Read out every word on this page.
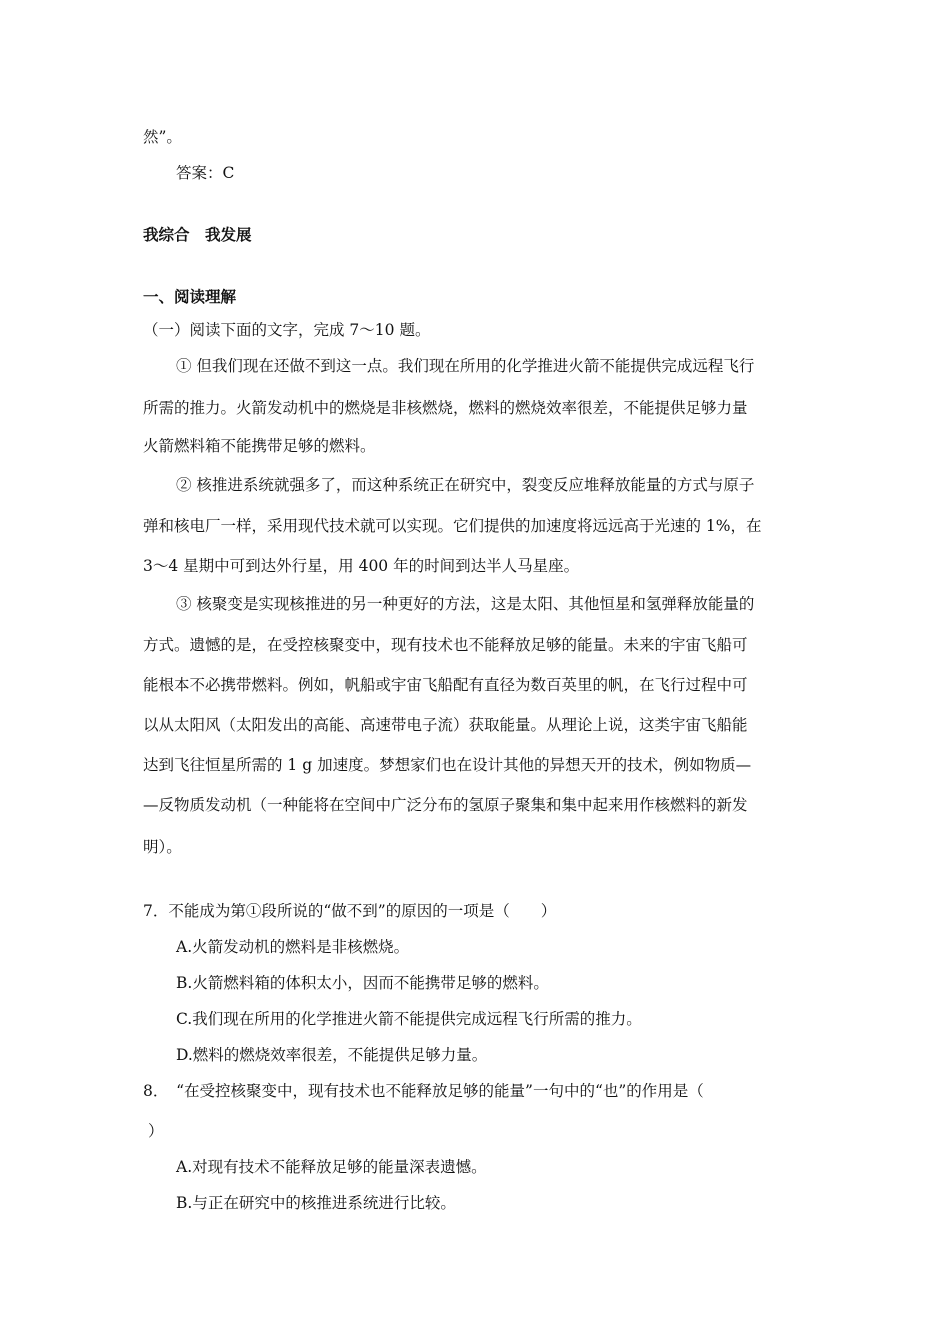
然”。
答案：C
我综合　我发展
一、阅读理解
（一）阅读下面的文字，完成 7～10 题。
① 但我们现在还做不到这一点。我们现在所用的化学推进火箭不能提供完成远程飞行
所需的推力。火箭发动机中的燃烧是非核燃烧，燃料的燃烧效率很差，不能提供足够力量
火箭燃料箱不能携带足够的燃料。
② 核推进系统就强多了，而这种系统正在研究中，裂变反应堆释放能量的方式与原子
弹和核电厂一样，采用现代技术就可以实现。它们提供的加速度将远远高于光速的 1%，在
3～4 星期中可到达外行星，用 400 年的时间到达半人马星座。
③ 核聚变是实现核推进的另一种更好的方法，这是太阳、其他恒星和氢弹释放能量的
方式。遗憾的是，在受控核聚变中，现有技术也不能释放足够的能量。未来的宇宙飞船可
能根本不必携带燃料。例如，帆船或宇宙飞船配有直径为数百英里的帆，在飞行过程中可
以从太阳风（太阳发出的高能、高速带电子流）获取能量。从理论上说，这类宇宙飞船能
达到飞往恒星所需的 1 g 加速度。梦想家们也在设计其他的异想天开的技术，例如物质—
—反物质发动机（一种能将在空间中广泛分布的氢原子聚集和集中起来用作核燃料的新发
明）。
7．不能成为第①段所说的“做不到”的原因的一项是（　　）
A.火箭发动机的燃料是非核燃烧。
B.火箭燃料箱的体积太小，因而不能携带足够的燃料。
C.我们现在所用的化学推进火箭不能提供完成远程飞行所需的推力。
D.燃料的燃烧效率很差，不能提供足够力量。
8．　“在受控核聚变中，现有技术也不能释放足够的能量”一句中的“也”的作用是（
）
A.对现有技术不能释放足够的能量深表遗憾。
B.与正在研究中的核推进系统进行比较。
